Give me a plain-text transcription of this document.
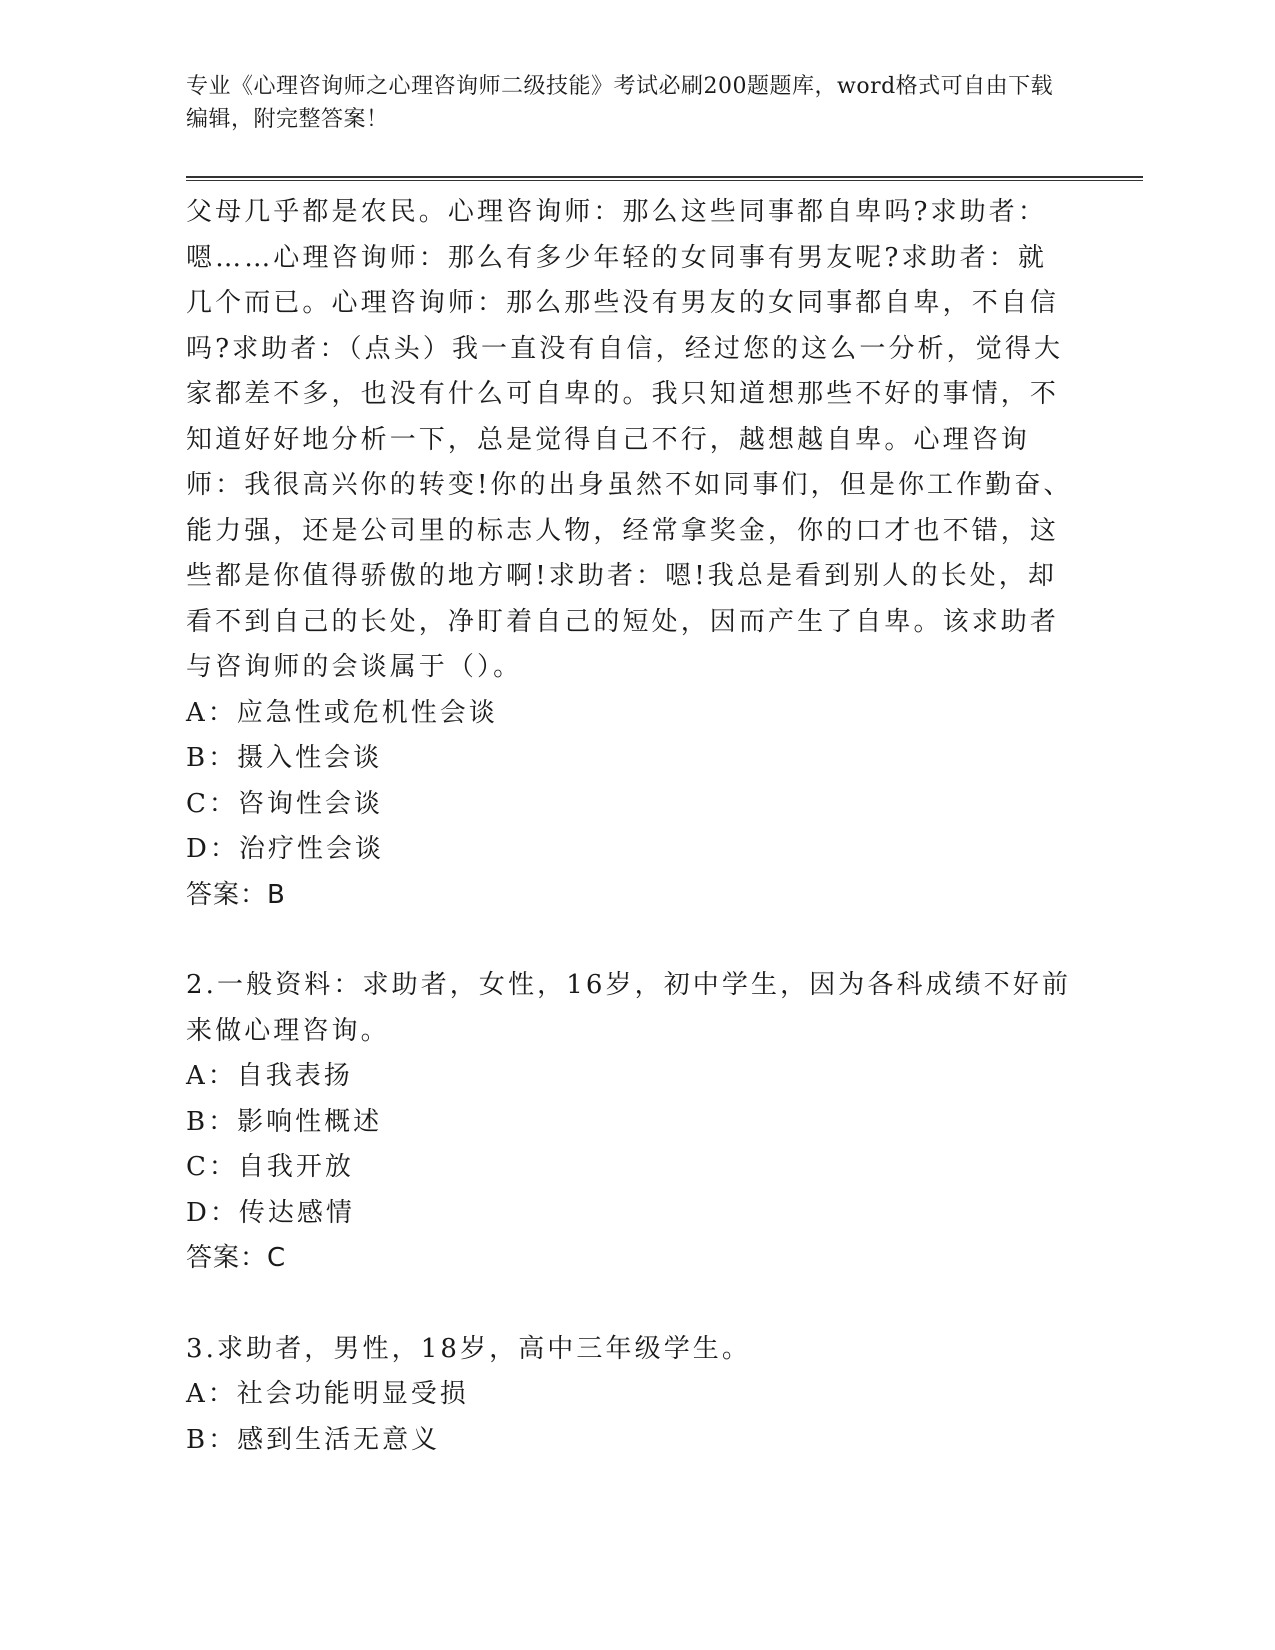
专业《心理咨询师之心理咨询师二级技能》考试必刷200题题库，word格式可自由下载编辑，附完整答案！

父母几乎都是农民。心理咨询师：那么这些同事都自卑吗?求助者：嗯……心理咨询师：那么有多少年轻的女同事有男友呢?求助者：就几个而已。心理咨询师：那么那些没有男友的女同事都自卑，不自信吗?求助者：（点头）我一直没有自信，经过您的这么一分析，觉得大家都差不多，也没有什么可自卑的。我只知道想那些不好的事情，不知道好好地分析一下，总是觉得自己不行，越想越自卑。心理咨询师：我很高兴你的转变!你的出身虽然不如同事们，但是你工作勤奋、能力强，还是公司里的标志人物，经常拿奖金，你的口才也不错，这些都是你值得骄傲的地方啊!求助者：嗯!我总是看到别人的长处，却看不到自己的长处，净盯着自己的短处，因而产生了自卑。该求助者与咨询师的会谈属于（）。

A：应急性或危机性会谈

B：摄入性会谈

C：咨询性会谈

D：治疗性会谈

答案：B

2.一般资料：求助者，女性，16岁，初中学生，因为各科成绩不好前来做心理咨询。

A：自我表扬

B：影响性概述

C：自我开放

D：传达感情

答案：C

3.求助者，男性，18岁，高中三年级学生。

A：社会功能明显受损

B：感到生活无意义
